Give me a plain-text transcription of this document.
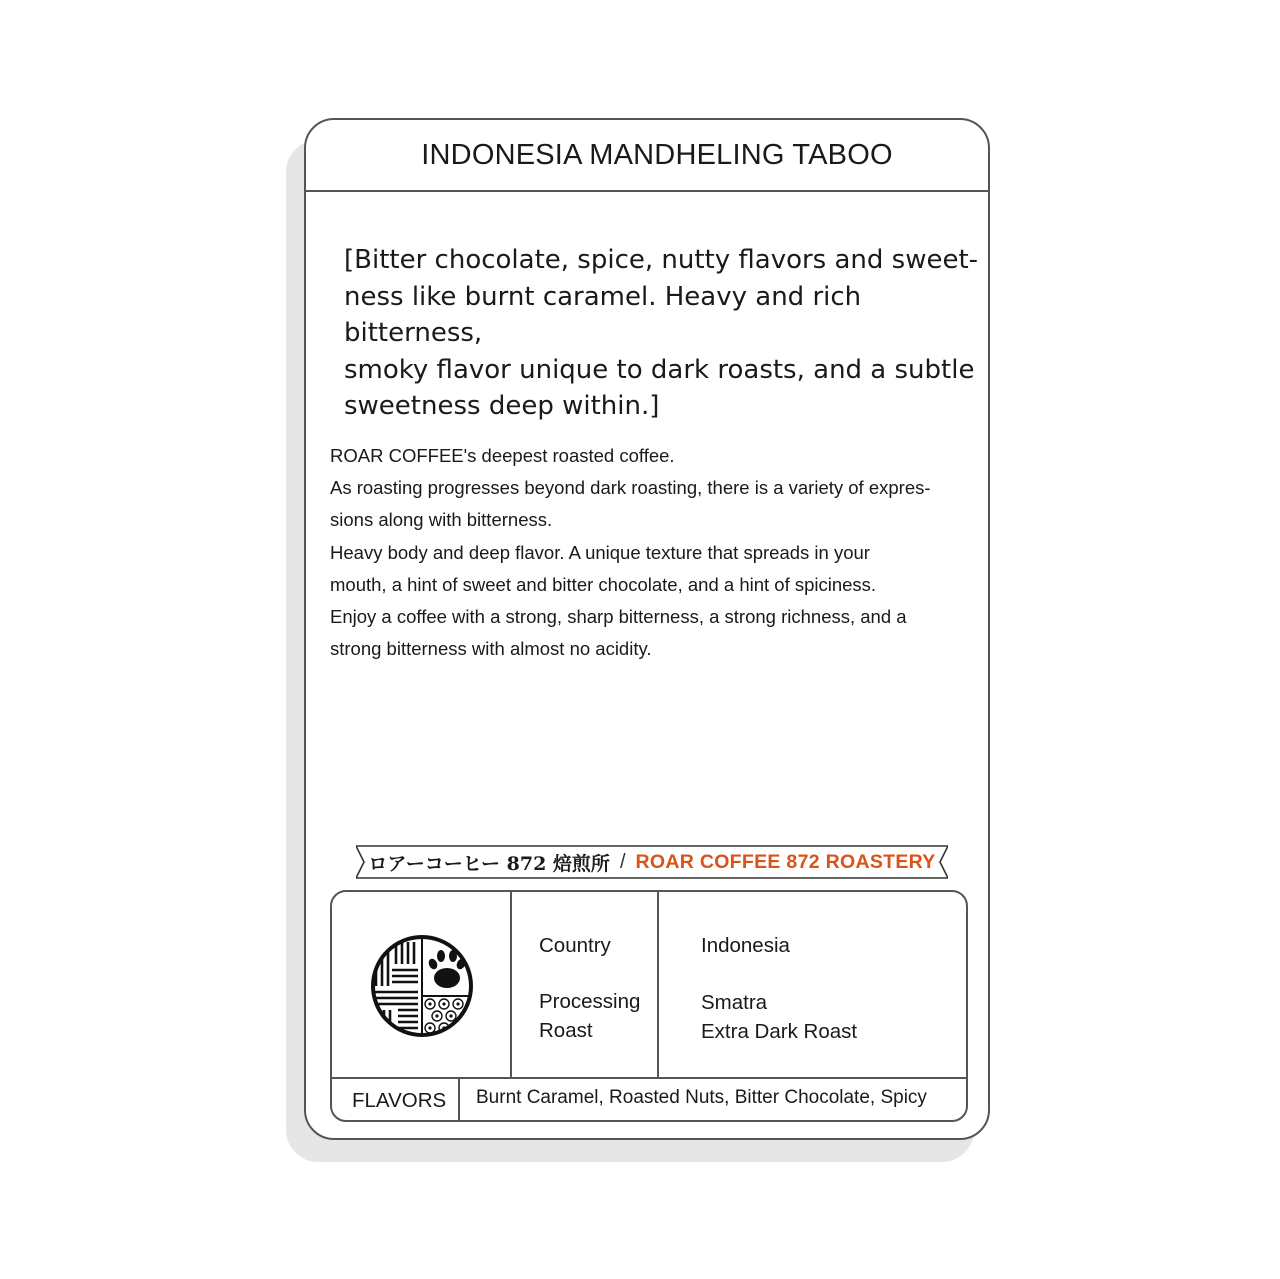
INDONESIA MANDHELING TABOO
[Bitter chocolate, spice, nutty flavors and sweet-
ness like burnt caramel. Heavy and rich bitterness,
smoky flavor unique to dark roasts, and a subtle
sweetness deep within.]
ROAR COFFEE's deepest roasted coffee.
As roasting progresses beyond dark roasting, there is a variety of expres-
sions along with bitterness.
Heavy body and deep flavor. A unique texture that spreads in your
mouth, a hint of sweet and bitter chocolate, and a hint of spiciness.
Enjoy a coffee with a strong, sharp bitterness, a strong richness, and a
strong bitterness with almost no acidity.
ロアーコーヒー 872 焙煎所 / ROAR COFFEE 872 ROASTERY
Country
Processing
Roast
Indonesia
Smatra
Extra Dark Roast
FLAVORS Burnt Caramel, Roasted Nuts, Bitter Chocolate, Spicy
